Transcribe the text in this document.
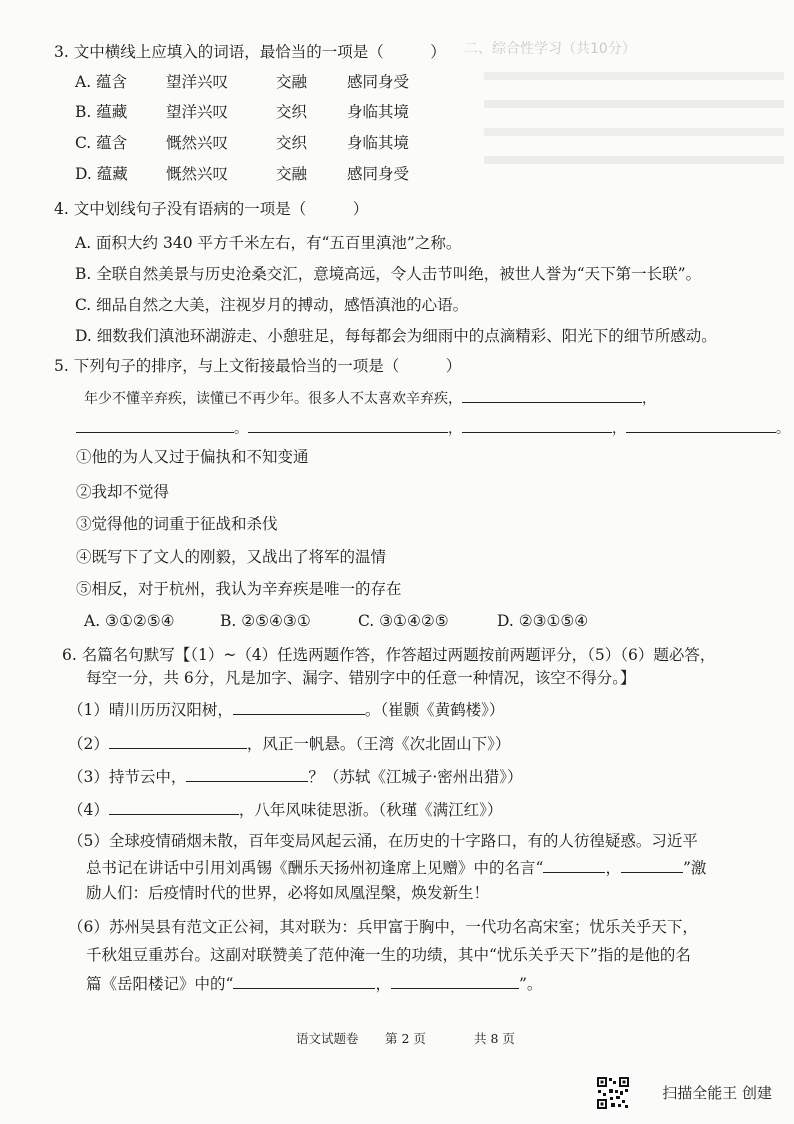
二、综合性学习（共10分）
3. 文中横线上应填入的词语，最恰当的一项是（　　　）
A. 蕴含	望洋兴叹	交融	感同身受
B. 蕴藏	望洋兴叹	交织	身临其境
C. 蕴含	慨然兴叹	交织	身临其境
D. 蕴藏 慨然兴叹	交融	感同身受
4. 文中划线句子没有语病的一项是（　　　）
A. 面积大约 340 平方千米左右，有“五百里滇池”之称。
B. 全联自然美景与历史沧桑交汇，意境高远，令人击节叫绝，被世人誉为“天下第一长联”。
C. 细品自然之大美，注视岁月的搏动，感悟滇池的心语。
D. 细数我们滇池环湖游走、小憩驻足，每每都会为细雨中的点滴精彩、阳光下的细节所感动。
5. 下列句子的排序，与上文衔接最恰当的一项是（　　　）
年少不懂辛弃疾，读懂已不再少年。很多人不太喜欢辛弃疾，	，
。	，	，	。
①他的为人又过于偏执和不知变通
②我却不觉得
③觉得他的词重于征战和杀伐
④既写下了文人的刚毅，又战出了将军的温情
⑤相反，对于杭州，我认为辛弃疾是唯一的存在
A. ③①②⑤④	B. ②⑤④③①	C. ③①④②⑤	D. ②③①⑤④
6. 名篇名句默写【（1）~（4）任选两题作答，作答超过两题按前两题评分，（5）（6）题必答，
每空一分，共 6分，凡是加字、漏字、错别字中的任意一种情况，该空不得分。】
（1）晴川历历汉阳树，	。（崔颢《黄鹤楼》）
（2）	，风正一帆悬。（王湾《次北固山下》）
（3）持节云中，	？（苏轼《江城子·密州出猎》）
（4）	，八年风味徒思浙。（秋瑾《满江红》）
（5）全球疫情硝烟未散，百年变局风起云涌，在历史的十字路口，有的人彷徨疑惑。习近平
总书记在讲话中引用刘禹锡《酬乐天扬州初逢席上见赠》中的名言“	，	”激
励人们：后疫情时代的世界，必将如凤凰涅槃，焕发新生！
（6）苏州吴县有范文正公祠，其对联为：兵甲富于胸中，一代功名高宋室；忧乐关乎天下，
千秋俎豆重苏台。这副对联赞美了范仲淹一生的功绩，其中“忧乐关乎天下”指的是他的名
篇《岳阳楼记》中的“	，	”。
语文试题卷 第 2 页	共 8 页
扫描全能王 创建
